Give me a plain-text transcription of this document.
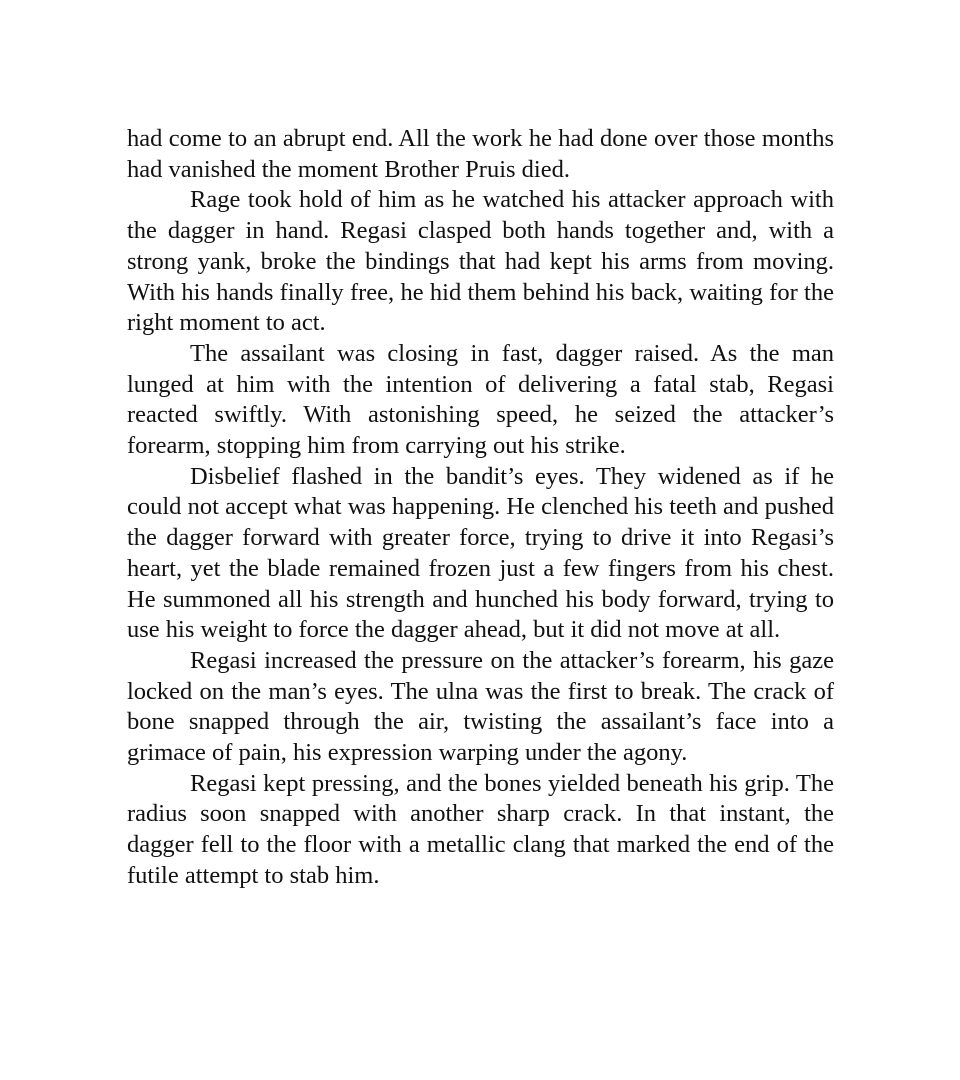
had come to an abrupt end. All the work he had done over those months had vanished the moment Brother Pruis died.

Rage took hold of him as he watched his attacker approach with the dagger in hand. Regasi clasped both hands together and, with a strong yank, broke the bindings that had kept his arms from moving. With his hands finally free, he hid them behind his back, waiting for the right moment to act.

The assailant was closing in fast, dagger raised. As the man lunged at him with the intention of delivering a fatal stab, Regasi reacted swiftly. With astonishing speed, he seized the attacker’s forearm, stopping him from carrying out his strike.

Disbelief flashed in the bandit’s eyes. They widened as if he could not accept what was happening. He clenched his teeth and pushed the dagger forward with greater force, trying to drive it into Regasi’s heart, yet the blade remained frozen just a few fingers from his chest. He summoned all his strength and hunched his body forward, trying to use his weight to force the dagger ahead, but it did not move at all.

Regasi increased the pressure on the attacker’s forearm, his gaze locked on the man’s eyes. The ulna was the first to break. The crack of bone snapped through the air, twisting the assailant’s face into a grimace of pain, his expression warping under the agony.

Regasi kept pressing, and the bones yielded beneath his grip. The radius soon snapped with another sharp crack. In that instant, the dagger fell to the floor with a metallic clang that marked the end of the futile attempt to stab him.
